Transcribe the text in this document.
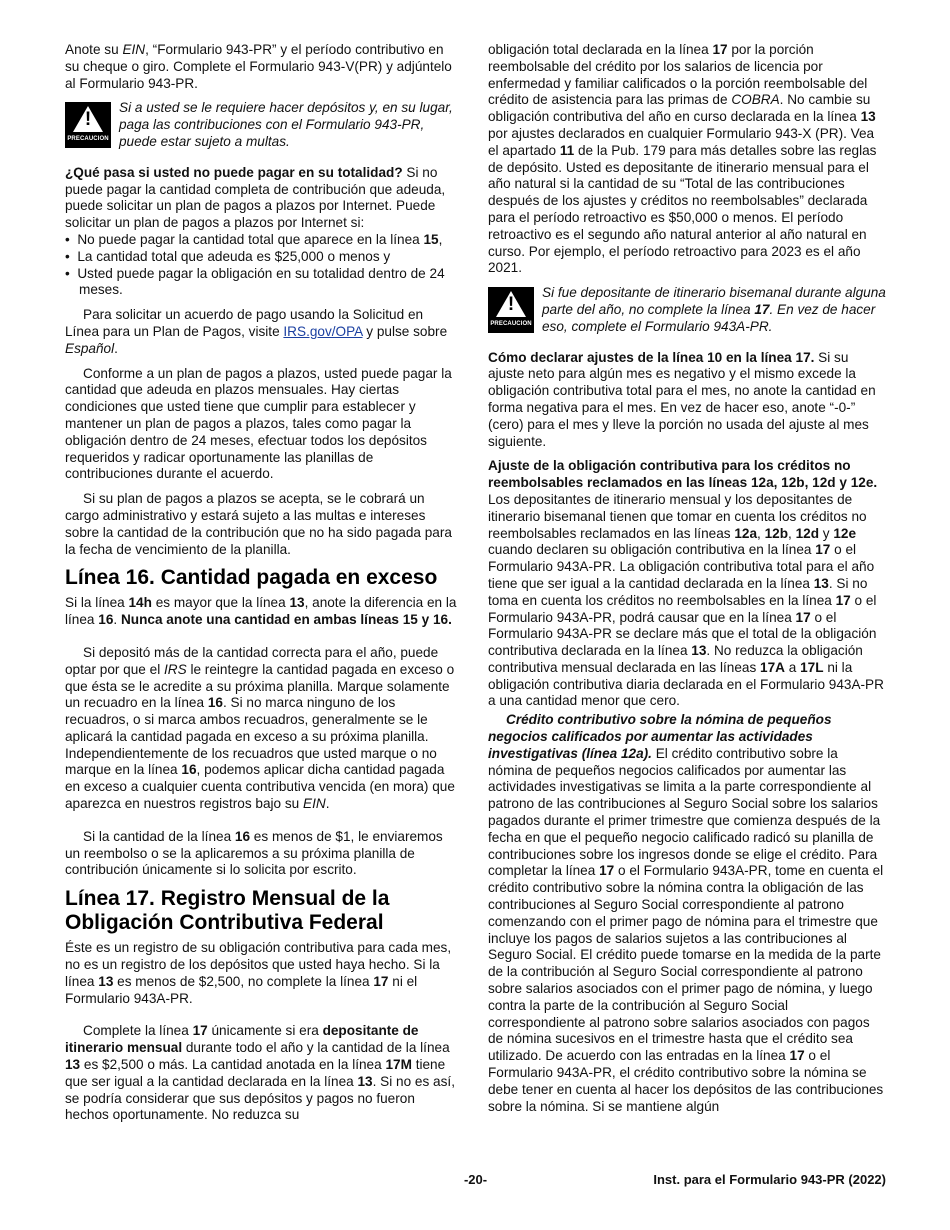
Anote su EIN, “Formulario 943-PR” y el período contributivo en su cheque o giro. Complete el Formulario 943-V(PR) y adjúntelo al Formulario 943-PR.

!
PRECAUCION
Si a usted se le requiere hacer depósitos y, en su lugar, paga las contribuciones con el Formulario 943-PR, puede estar sujeto a multas.

¿Qué pasa si usted no puede pagar en su totalidad? Si no puede pagar la cantidad completa de contribución que adeuda, puede solicitar un plan de pagos a plazos por Internet. Puede solicitar un plan de pagos a plazos por Internet si:

•  No puede pagar la cantidad total que aparece en la línea 15,

•  La cantidad total que adeuda es $25,000 o menos y

•  Usted puede pagar la obligación en su totalidad dentro de 24 meses.

Para solicitar un acuerdo de pago usando la Solicitud en Línea para un Plan de Pagos, visite IRS.gov/OPA y pulse sobre Español.

Conforme a un plan de pagos a plazos, usted puede pagar la cantidad que adeuda en plazos mensuales. Hay ciertas condiciones que usted tiene que cumplir para establecer y mantener un plan de pagos a plazos, tales como pagar la obligación dentro de 24 meses, efectuar todos los depósitos requeridos y radicar oportunamente las planillas de contribuciones durante el acuerdo.

Si su plan de pagos a plazos se acepta, se le cobrará un cargo administrativo y estará sujeto a las multas e intereses sobre la cantidad de la contribución que no ha sido pagada para la fecha de vencimiento de la planilla.

Línea 16. Cantidad pagada en exceso

Si la línea 14h es mayor que la línea 13, anote la diferencia en la línea 16. Nunca anote una cantidad en ambas líneas 15 y 16.

Si depositó más de la cantidad correcta para el año, puede optar por que el IRS le reintegre la cantidad pagada en exceso o que ésta se le acredite a su próxima planilla. Marque solamente un recuadro en la línea 16. Si no marca ninguno de los recuadros, o si marca ambos recuadros, generalmente se le aplicará la cantidad pagada en exceso a su próxima planilla. Independientemente de los recuadros que usted marque o no marque en la línea 16, podemos aplicar dicha cantidad pagada en exceso a cualquier cuenta contributiva vencida (en mora) que aparezca en nuestros registros bajo su EIN.

Si la cantidad de la línea 16 es menos de $1, le enviaremos un reembolso o se la aplicaremos a su próxima planilla de contribución únicamente si lo solicita por escrito.

Línea 17. Registro Mensual de la Obligación Contributiva Federal

Éste es un registro de su obligación contributiva para cada mes, no es un registro de los depósitos que usted haya hecho. Si la línea 13 es menos de $2,500, no complete la línea 17 ni el Formulario 943A-PR.

Complete la línea 17 únicamente si era depositante de itinerario mensual durante todo el año y la cantidad de la línea 13 es $2,500 o más. La cantidad anotada en la línea 17M tiene que ser igual a la cantidad declarada en la línea 13. Si no es así, se podría considerar que sus depósitos y pagos no fueron hechos oportunamente. No reduzca su

obligación total declarada en la línea 17 por la porción reembolsable del crédito por los salarios de licencia por enfermedad y familiar calificados o la porción reembolsable del crédito de asistencia para las primas de COBRA. No cambie su obligación contributiva del año en curso declarada en la línea 13 por ajustes declarados en cualquier Formulario 943-X (PR). Vea el apartado 11 de la Pub. 179 para más detalles sobre las reglas de depósito. Usted es depositante de itinerario mensual para el año natural si la cantidad de su “Total de las contribuciones después de los ajustes y créditos no reembolsables” declarada para el período retroactivo es $50,000 o menos. El período retroactivo es el segundo año natural anterior al año natural en curso. Por ejemplo, el período retroactivo para 2023 es el año 2021.

!
PRECAUCION
Si fue depositante de itinerario bisemanal durante alguna parte del año, no complete la línea 17. En vez de hacer eso, complete el Formulario 943A-PR.

Cómo declarar ajustes de la línea 10 en la línea 17. Si su ajuste neto para algún mes es negativo y el mismo excede la obligación contributiva total para el mes, no anote la cantidad en forma negativa para el mes. En vez de hacer eso, anote “-0-” (cero) para el mes y lleve la porción no usada del ajuste al mes siguiente.

Ajuste de la obligación contributiva para los créditos no reembolsables reclamados en las líneas 12a, 12b, 12d y 12e. Los depositantes de itinerario mensual y los depositantes de itinerario bisemanal tienen que tomar en cuenta los créditos no reembolsables reclamados en las líneas 12a, 12b, 12d y 12e cuando declaren su obligación contributiva en la línea 17 o el Formulario 943A-PR. La obligación contributiva total para el año tiene que ser igual a la cantidad declarada en la línea 13. Si no toma en cuenta los créditos no reembolsables en la línea 17 o el Formulario 943A-PR, podrá causar que en la línea 17 o el Formulario 943A-PR se declare más que el total de la obligación contributiva declarada en la línea 13. No reduzca la obligación contributiva mensual declarada en las líneas 17A a 17L ni la obligación contributiva diaria declarada en el Formulario 943A-PR a una cantidad menor que cero.

Crédito contributivo sobre la nómina de pequeños negocios calificados por aumentar las actividades investigativas (línea 12a). El crédito contributivo sobre la nómina de pequeños negocios calificados por aumentar las actividades investigativas se limita a la parte correspondiente al patrono de las contribuciones al Seguro Social sobre los salarios pagados durante el primer trimestre que comienza después de la fecha en que el pequeño negocio calificado radicó su planilla de contribuciones sobre los ingresos donde se elige el crédito. Para completar la línea 17 o el Formulario 943A-PR, tome en cuenta el crédito contributivo sobre la nómina contra la obligación de las contribuciones al Seguro Social correspondiente al patrono comenzando con el primer pago de nómina para el trimestre que incluye los pagos de salarios sujetos a las contribuciones al Seguro Social. El crédito puede tomarse en la medida de la parte de la contribución al Seguro Social correspondiente al patrono sobre salarios asociados con el primer pago de nómina, y luego contra la parte de la contribución al Seguro Social correspondiente al patrono sobre salarios asociados con pagos de nómina sucesivos en el trimestre hasta que el crédito sea utilizado. De acuerdo con las entradas en la línea 17 o el Formulario 943A-PR, el crédito contributivo sobre la nómina se debe tener en cuenta al hacer los depósitos de las contribuciones sobre la nómina. Si se mantiene algún

-20-	Inst. para el Formulario 943-PR (2022)
